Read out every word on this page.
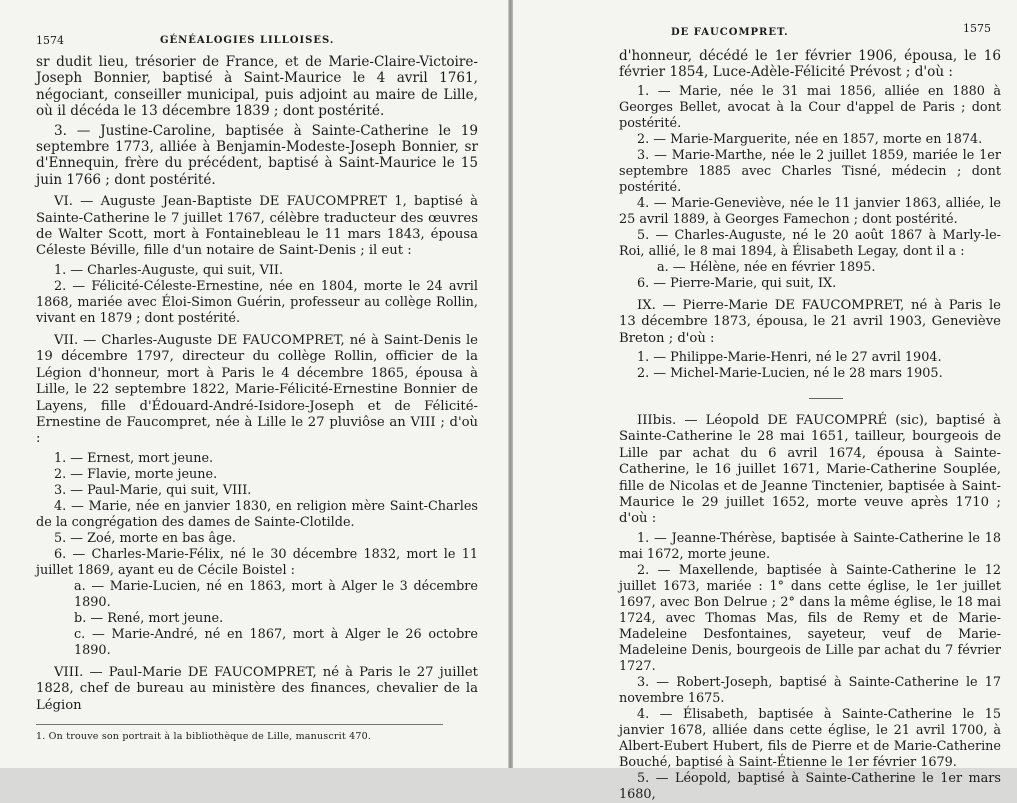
1574	GÉNÉALOGIES LILLOISES.

sr dudit lieu, trésorier de France, et de Marie-Claire-Victoire-Joseph Bonnier, baptisé à Saint-Maurice le 4 avril 1761, négociant, conseiller municipal, puis adjoint au maire de Lille, où il décéda le 13 décembre 1839 ; dont postérité.

3. — Justine-Caroline, baptisée à Sainte-Catherine le 19 septembre 1773, alliée à Benjamin-Modeste-Joseph Bonnier, sr d'Ennequin, frère du précédent, baptisé à Saint-Maurice le 15 juin 1766 ; dont postérité.

VI. — Auguste Jean-Baptiste DE FAUCOMPRET 1, baptisé à Sainte-Catherine le 7 juillet 1767, célèbre traducteur des œuvres de Walter Scott, mort à Fontainebleau le 11 mars 1843, épousa Céleste Béville, fille d'un notaire de Saint-Denis ; il eut :

1. — Charles-Auguste, qui suit, VII.

2. — Félicité-Céleste-Ernestine, née en 1804, morte le 24 avril 1868, mariée avec Éloi-Simon Guérin, professeur au collège Rollin, vivant en 1879 ; dont postérité.

VII. — Charles-Auguste DE FAUCOMPRET, né à Saint-Denis le 19 décembre 1797, directeur du collège Rollin, officier de la Légion d'honneur, mort à Paris le 4 décembre 1865, épousa à Lille, le 22 septembre 1822, Marie-Félicité-Ernestine Bonnier de Layens, fille d'Édouard-André-Isidore-Joseph et de Félicité-Ernestine de Faucompret, née à Lille le 27 pluviôse an VIII ; d'où :

1. — Ernest, mort jeune.

2. — Flavie, morte jeune.

3. — Paul-Marie, qui suit, VIII.

4. — Marie, née en janvier 1830, en religion mère Saint-Charles de la congrégation des dames de Sainte-Clotilde.

5. — Zoé, morte en bas âge.

6. — Charles-Marie-Félix, né le 30 décembre 1832, mort le 11 juillet 1869, ayant eu de Cécile Boistel :

a. — Marie-Lucien, né en 1863, mort à Alger le 3 décembre 1890.

b. — René, mort jeune.

c. — Marie-André, né en 1867, mort à Alger le 26 octobre 1890.

VIII. — Paul-Marie DE FAUCOMPRET, né à Paris le 27 juillet 1828, chef de bureau au ministère des finances, chevalier de la Légion

1. On trouve son portrait à la bibliothèque de Lille, manuscrit 470.

DE FAUCOMPRET.	1575

d'honneur, décédé le 1er février 1906, épousa, le 16 février 1854, Luce-Adèle-Félicité Prévost ; d'où :

1. — Marie, née le 31 mai 1856, alliée en 1880 à Georges Bellet, avocat à la Cour d'appel de Paris ; dont postérité.

2. — Marie-Marguerite, née en 1857, morte en 1874.

3. — Marie-Marthe, née le 2 juillet 1859, mariée le 1er septembre 1885 avec Charles Tisné, médecin ; dont postérité.

4. — Marie-Geneviève, née le 11 janvier 1863, alliée, le 25 avril 1889, à Georges Famechon ; dont postérité.

5. — Charles-Auguste, né le 20 août 1867 à Marly-le-Roi, allié, le 8 mai 1894, à Élisabeth Legay, dont il a :

a. — Hélène, née en février 1895.

6. — Pierre-Marie, qui suit, IX.

IX. — Pierre-Marie DE FAUCOMPRET, né à Paris le 13 décembre 1873, épousa, le 21 avril 1903, Geneviève Breton ; d'où :

1. — Philippe-Marie-Henri, né le 27 avril 1904.

2. — Michel-Marie-Lucien, né le 28 mars 1905.

IIIbis. — Léopold DE FAUCOMPRÉ (sic), baptisé à Sainte-Catherine le 28 mai 1651, tailleur, bourgeois de Lille par achat du 6 avril 1674, épousa à Sainte-Catherine, le 16 juillet 1671, Marie-Catherine Souplée, fille de Nicolas et de Jeanne Tinctenier, baptisée à Saint-Maurice le 29 juillet 1652, morte veuve après 1710 ; d'où :

1. — Jeanne-Thérèse, baptisée à Sainte-Catherine le 18 mai 1672, morte jeune.

2. — Maxellende, baptisée à Sainte-Catherine le 12 juillet 1673, mariée : 1° dans cette église, le 1er juillet 1697, avec Bon Delrue ; 2° dans la même église, le 18 mai 1724, avec Thomas Mas, fils de Remy et de Marie-Madeleine Desfontaines, sayeteur, veuf de Marie-Madeleine Denis, bourgeois de Lille par achat du 7 février 1727.

3. — Robert-Joseph, baptisé à Sainte-Catherine le 17 novembre 1675.

4. — Élisabeth, baptisée à Sainte-Catherine le 15 janvier 1678, alliée dans cette église, le 21 avril 1700, à Albert-Eubert Hubert, fils de Pierre et de Marie-Catherine Bouché, baptisé à Saint-Étienne le 1er février 1679.

5. — Léopold, baptisé à Sainte-Catherine le 1er mars 1680,
